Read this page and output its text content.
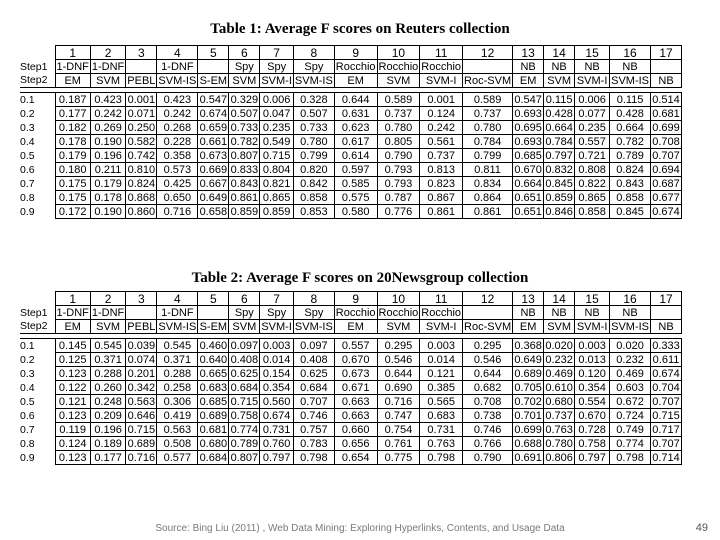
Table 1: Average F scores on Reuters collection
	1	2	3	4	5	6	7	8	9	10	11	12	13	14	15	16	17
Step1	1-DNF	1-DNF		1-DNF		Spy	Spy	Spy	Rocchio	Rocchio	Rocchio		NB	NB	NB	NB	
Step2	EM	SVM	PEBL	SVM-IS	S-EM	SVM	SVM-I	SVM-IS	EM	SVM	SVM-I	Roc-SVM	EM	SVM	SVM-I	SVM-IS	NB

0.1	0.187	0.423	0.001	0.423	0.547	0.329	0.006	0.328	0.644	0.589	0.001	0.589	0.547	0.115	0.006	0.115	0.514
0.2	0.177	0.242	0.071	0.242	0.674	0.507	0.047	0.507	0.631	0.737	0.124	0.737	0.693	0.428	0.077	0.428	0.681
0.3	0.182	0.269	0.250	0.268	0.659	0.733	0.235	0.733	0.623	0.780	0.242	0.780	0.695	0.664	0.235	0.664	0.699
0.4	0.178	0.190	0.582	0.228	0.661	0.782	0.549	0.780	0.617	0.805	0.561	0.784	0.693	0.784	0.557	0.782	0.708
0.5	0.179	0.196	0.742	0.358	0.673	0.807	0.715	0.799	0.614	0.790	0.737	0.799	0.685	0.797	0.721	0.789	0.707
0.6	0.180	0.211	0.810	0.573	0.669	0.833	0.804	0.820	0.597	0.793	0.813	0.811	0.670	0.832	0.808	0.824	0.694
0.7	0.175	0.179	0.824	0.425	0.667	0.843	0.821	0.842	0.585	0.793	0.823	0.834	0.664	0.845	0.822	0.843	0.687
0.8	0.175	0.178	0.868	0.650	0.649	0.861	0.865	0.858	0.575	0.787	0.867	0.864	0.651	0.859	0.865	0.858	0.677
0.9	0.172	0.190	0.860	0.716	0.658	0.859	0.859	0.853	0.580	0.776	0.861	0.861	0.651	0.846	0.858	0.845	0.674
Table 2: Average F scores on 20Newsgroup collection
	1	2	3	4	5	6	7	8	9	10	11	12	13	14	15	16	17
Step1	1-DNF	1-DNF		1-DNF		Spy	Spy	Spy	Rocchio	Rocchio	Rocchio		NB	NB	NB	NB	
Step2	EM	SVM	PEBL	SVM-IS	S-EM	SVM	SVM-I	SVM-IS	EM	SVM	SVM-I	Roc-SVM	EM	SVM	SVM-I	SVM-IS	NB

0.1	0.145	0.545	0.039	0.545	0.460	0.097	0.003	0.097	0.557	0.295	0.003	0.295	0.368	0.020	0.003	0.020	0.333
0.2	0.125	0.371	0.074	0.371	0.640	0.408	0.014	0.408	0.670	0.546	0.014	0.546	0.649	0.232	0.013	0.232	0.611
0.3	0.123	0.288	0.201	0.288	0.665	0.625	0.154	0.625	0.673	0.644	0.121	0.644	0.689	0.469	0.120	0.469	0.674
0.4	0.122	0.260	0.342	0.258	0.683	0.684	0.354	0.684	0.671	0.690	0.385	0.682	0.705	0.610	0.354	0.603	0.704
0.5	0.121	0.248	0.563	0.306	0.685	0.715	0.560	0.707	0.663	0.716	0.565	0.708	0.702	0.680	0.554	0.672	0.707
0.6	0.123	0.209	0.646	0.419	0.689	0.758	0.674	0.746	0.663	0.747	0.683	0.738	0.701	0.737	0.670	0.724	0.715
0.7	0.119	0.196	0.715	0.563	0.681	0.774	0.731	0.757	0.660	0.754	0.731	0.746	0.699	0.763	0.728	0.749	0.717
0.8	0.124	0.189	0.689	0.508	0.680	0.789	0.760	0.783	0.656	0.761	0.763	0.766	0.688	0.780	0.758	0.774	0.707
0.9	0.123	0.177	0.716	0.577	0.684	0.807	0.797	0.798	0.654	0.775	0.798	0.790	0.691	0.806	0.797	0.798	0.714
Source: Bing Liu (2011) , Web Data Mining: Exploring Hyperlinks, Contents, and Usage Data	49
